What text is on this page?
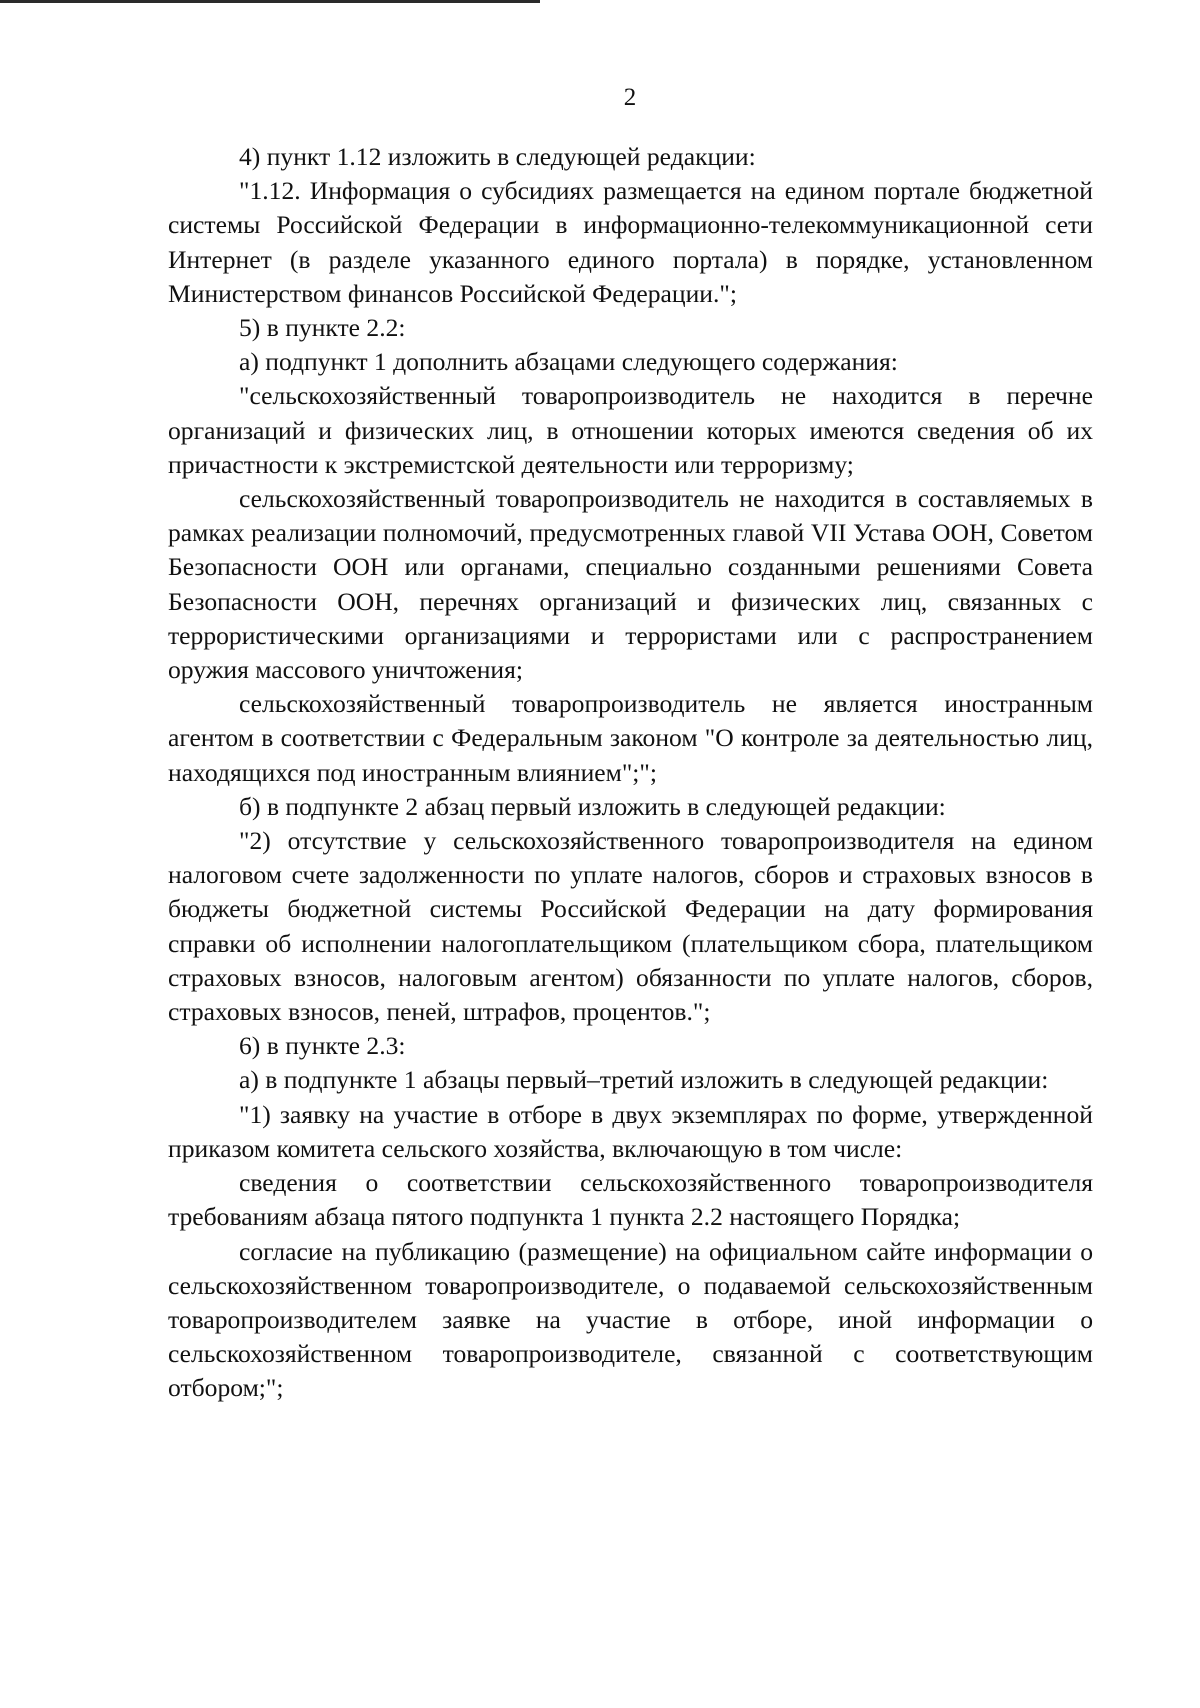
2

4) пункт 1.12 изложить в следующей редакции:

"1.12. Информация о субсидиях размещается на едином портале бюджетной системы Российской Федерации в информационно-телекоммуникационной сети Интернет (в разделе указанного единого портала) в порядке, установленном Министерством финансов Российской Федерации.";

5) в пункте 2.2:

а) подпункт 1 дополнить абзацами следующего содержания:

"сельскохозяйственный товаропроизводитель не находится в перечне организаций и физических лиц, в отношении которых имеются сведения об их причастности к экстремистской деятельности или терроризму;

сельскохозяйственный товаропроизводитель не находится в составляемых в рамках реализации полномочий, предусмотренных главой VII Устава ООН, Советом Безопасности ООН или органами, специально созданными решениями Совета Безопасности ООН, перечнях организаций и физических лиц, связанных с террористическими организациями и террористами или с распространением оружия массового уничтожения;

сельскохозяйственный товаропроизводитель не является иностранным агентом в соответствии с Федеральным законом "О контроле за деятельностью лиц, находящихся под иностранным влиянием";";

б) в подпункте 2 абзац первый изложить в следующей редакции:

"2) отсутствие у сельскохозяйственного товаропроизводителя на едином налоговом счете задолженности по уплате налогов, сборов и страховых взносов в бюджеты бюджетной системы Российской Федерации на дату формирования справки об исполнении налогоплательщиком (плательщиком сбора, плательщиком страховых взносов, налоговым агентом) обязанности по уплате налогов, сборов, страховых взносов, пеней, штрафов, процентов.";

6) в пункте 2.3:

а) в подпункте 1 абзацы первый–третий изложить в следующей редакции:

"1) заявку на участие в отборе в двух экземплярах по форме, утвержденной приказом комитета сельского хозяйства, включающую в том числе:

сведения о соответствии сельскохозяйственного товаропроизводителя требованиям абзаца пятого подпункта 1 пункта 2.2 настоящего Порядка;

согласие на публикацию (размещение) на официальном сайте информации о сельскохозяйственном товаропроизводителе, о подаваемой сельскохозяйственным товаропроизводителем заявке на участие в отборе, иной информации о сельскохозяйственном товаропроизводителе, связанной с соответствующим отбором;";
